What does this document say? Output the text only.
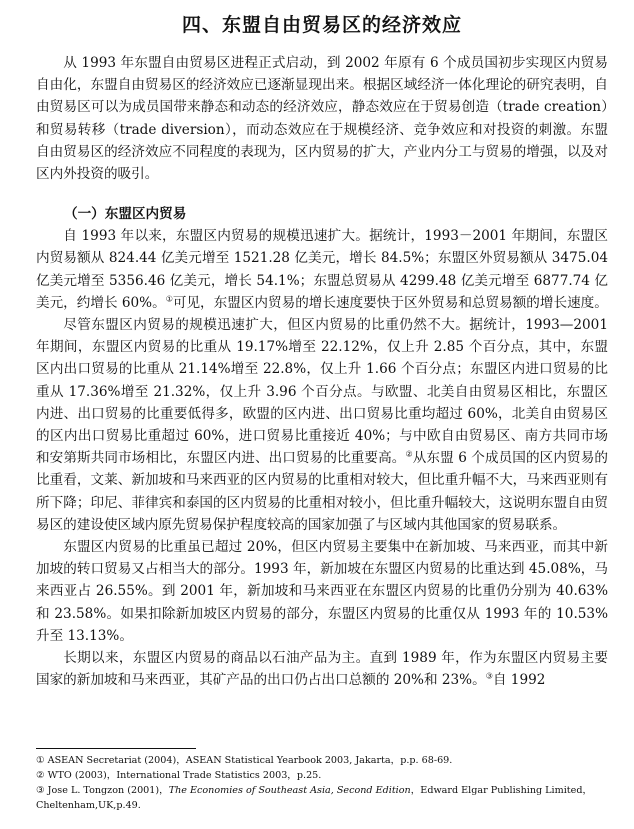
四、东盟自由贸易区的经济效应

从 1993 年东盟自由贸易区进程正式启动，到 2002 年原有 6 个成员国初步实现区内贸易自由化，东盟自由贸易区的经济效应已逐渐显现出来。根据区域经济一体化理论的研究表明，自由贸易区可以为成员国带来静态和动态的经济效应，静态效应在于贸易创造（trade creation）和贸易转移（trade diversion），而动态效应在于规模经济、竞争效应和对投资的刺激。东盟自由贸易区的经济效应不同程度的表现为，区内贸易的扩大，产业内分工与贸易的增强，以及对区内外投资的吸引。

（一）东盟区内贸易

自 1993 年以来，东盟区内贸易的规模迅速扩大。据统计，1993－2001 年期间，东盟区内贸易额从 824.44 亿美元增至 1521.28 亿美元，增长 84.5%；东盟区外贸易额从 3475.04 亿美元增至 5356.46 亿美元，增长 54.1%；东盟总贸易从 4299.48 亿美元增至 6877.74 亿美元，约增长 60%。①可见，东盟区内贸易的增长速度要快于区外贸易和总贸易额的增长速度。

尽管东盟区内贸易的规模迅速扩大，但区内贸易的比重仍然不大。据统计，1993—2001 年期间，东盟区内贸易的比重从 19.17%增至 22.12%，仅上升 2.85 个百分点，其中，东盟区内出口贸易的比重从 21.14%增至 22.8%，仅上升 1.66 个百分点；东盟区内进口贸易的比重从 17.36%增至 21.32%，仅上升 3.96 个百分点。与欧盟、北美自由贸易区相比，东盟区内进、出口贸易的比重要低得多，欧盟的区内进、出口贸易比重均超过 60%，北美自由贸易区的区内出口贸易比重超过 60%，进口贸易比重接近 40%；与中欧自由贸易区、南方共同市场和安第斯共同市场相比，东盟区内进、出口贸易的比重要高。②从东盟 6 个成员国的区内贸易的比重看，文莱、新加坡和马来西亚的区内贸易的比重相对较大，但比重升幅不大，马来西亚则有所下降；印尼、菲律宾和泰国的区内贸易的比重相对较小，但比重升幅较大，这说明东盟自由贸易区的建设使区域内原先贸易保护程度较高的国家加强了与区域内其他国家的贸易联系。

东盟区内贸易的比重虽已超过 20%，但区内贸易主要集中在新加坡、马来西亚，而其中新加坡的转口贸易又占相当大的部分。1993 年，新加坡在东盟区内贸易的比重达到 45.08%，马来西亚占 26.55%。到 2001 年，新加坡和马来西亚在东盟区内贸易的比重仍分别为 40.63%和 23.58%。如果扣除新加坡区内贸易的部分，东盟区内贸易的比重仅从 1993 年的 10.53%升至 13.13%。

长期以来，东盟区内贸易的商品以石油产品为主。直到 1989 年，作为东盟区内贸易主要国家的新加坡和马来西亚，其矿产品的出口仍占出口总额的 20%和 23%。③自 1992

① ASEAN Secretariat (2004)，ASEAN Statistical Yearbook 2003, Jakarta，p.p. 68-69.
② WTO (2003)，International Trade Statistics 2003，p.25.
③ Jose L. Tongzon (2001)，The Economies of Southeast Asia, Second Edition，Edward Elgar Publishing Limited，Cheltenham,UK,p.49.
